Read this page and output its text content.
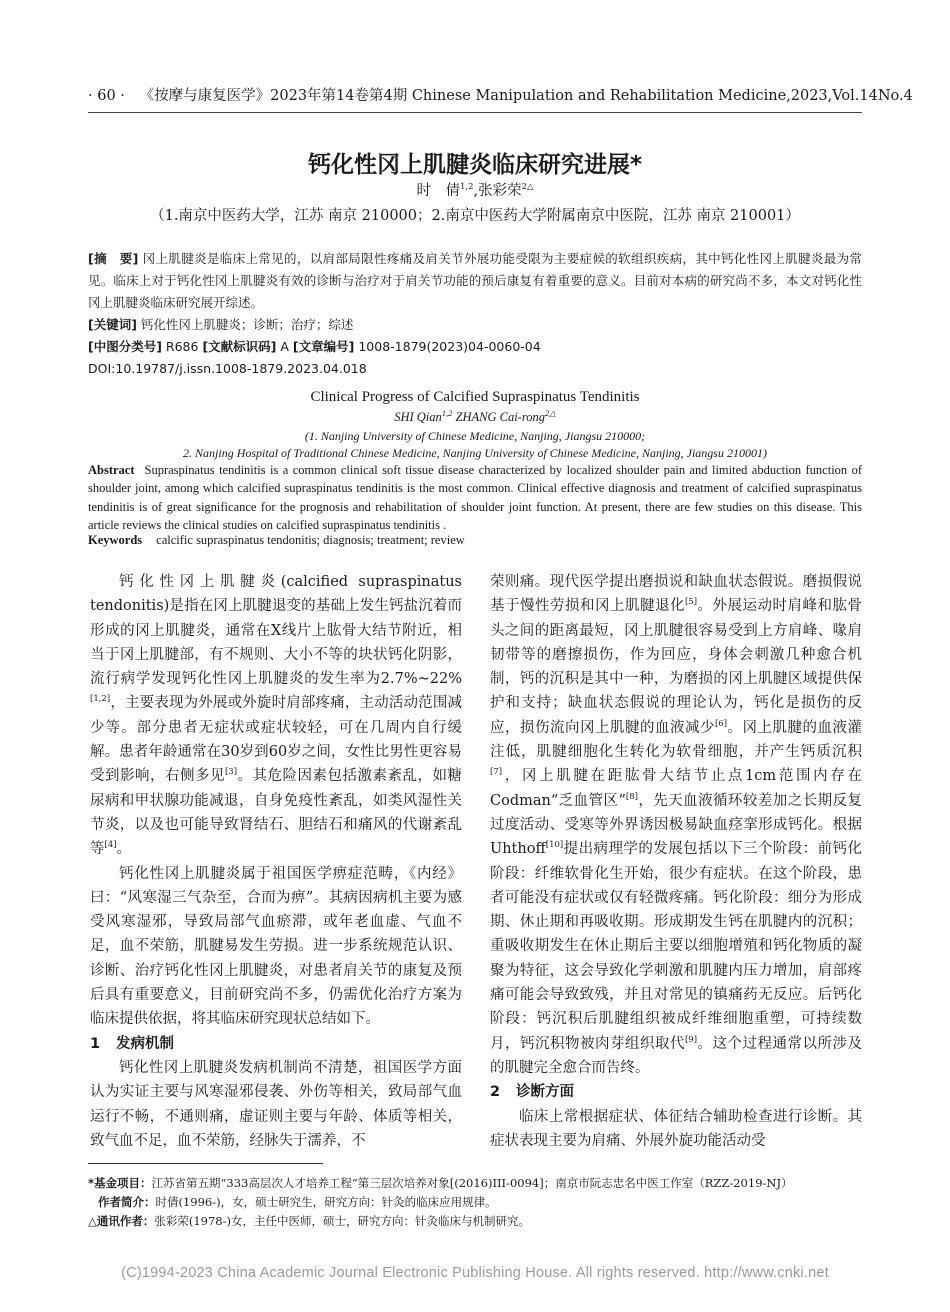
· 60 · 《按摩与康复医学》2023年第14卷第4期 Chinese Manipulation and Rehabilitation Medicine,2023,Vol.14No.4
钙化性冈上肌腱炎临床研究进展*
时　倩$^{1,2}$,张彩荣$^{2\triangle}$
（1.南京中医药大学，江苏 南京 210000；2.南京中医药大学附属南京中医院，江苏 南京 210001）

[摘　要] 冈上肌腱炎是临床上常见的，以肩部局限性疼痛及肩关节外展功能受限为主要症候的软组织疾病，其中钙化性冈上肌腱炎最为常见。临床上对于钙化性冈上肌腱炎有效的诊断与治疗对于肩关节功能的预后康复有着重要的意义。目前对本病的研究尚不多，本文对钙化性冈上肌腱炎临床研究展开综述。

[关键词] 钙化性冈上肌腱炎；诊断；治疗；综述

[中图分类号] R686 [文献标识码] A [文章编号] 1008-1879(2023)04-0060-04

DOI:10.19787/j.issn.1008-1879.2023.04.018

Clinical Progress of Calcified Supraspinatus Tendinitis
SHI Qian$^{1,2}$ ZHANG Cai-rong$^{2\triangle}$
(1. Nanjing University of Chinese Medicine, Nanjing, Jiangsu 210000;
2. Nanjing Hospital of Traditional Chinese Medicine, Nanjing University of Chinese Medicine, Nanjing, Jiangsu 210001)
Abstract Supraspinatus tendinitis is a common clinical soft tissue disease characterized by localized shoulder pain and limited abduction function of shoulder joint, among which calcified supraspinatus tendinitis is the most common. Clinical effective diagnosis and treatment of calcified supraspinatus tendinitis is of great significance for the prognosis and rehabilitation of shoulder joint function. At present, there are few studies on this disease. This article reviews the clinical studies on calcified supraspinatus tendinitis .
Keywords calcific supraspinatus tendonitis; diagnosis; treatment; review

钙化性冈上肌腱炎(calcified supraspinatus tendonitis)是指在冈上肌腱退变的基础上发生钙盐沉着而形成的冈上肌腱炎，通常在X线片上肱骨大结节附近，相当于冈上肌腱部，有不规则、大小不等的块状钙化阴影，流行病学发现钙化性冈上肌腱炎的发生率为2.7%~22%[1,2]，主要表现为外展或外旋时肩部疼痛，主动活动范围减少等。部分患者无症状或症状较轻，可在几周内自行缓解。患者年龄通常在30岁到60岁之间，女性比男性更容易受到影响，右侧多见[3]。其危险因素包括激素紊乱，如糖尿病和甲状腺功能减退，自身免疫性紊乱，如类风湿性关节炎，以及也可能导致肾结石、胆结石和痛风的代谢紊乱等[4]。

钙化性冈上肌腱炎属于祖国医学痹症范畴，《内经》曰：“风寒湿三气杂至，合而为痹”。其病因病机主要为感受风寒湿邪，导致局部气血瘀滞，或年老血虚、气血不足，血不荣筋，肌腱易发生劳损。进一步系统规范认识、诊断、治疗钙化性冈上肌腱炎，对患者肩关节的康复及预后具有重要意义，目前研究尚不多，仍需优化治疗方案为临床提供依据，将其临床研究现状总结如下。

1 发病机制

钙化性冈上肌腱炎发病机制尚不清楚，祖国医学方面认为实证主要与风寒湿邪侵袭、外伤等相关，致局部气血运行不畅，不通则痛，虚证则主要与年龄、体质等相关，致气血不足，血不荣筋，经脉失于濡养，不

荣则痛。现代医学提出磨损说和缺血状态假说。磨损假说基于慢性劳损和冈上肌腱退化[5]。外展运动时肩峰和肱骨头之间的距离最短，冈上肌腱很容易受到上方肩峰、喙肩韧带等的磨擦损伤，作为回应，身体会刺激几种愈合机制，钙的沉积是其中一种，为磨损的冈上肌腱区域提供保护和支持；缺血状态假说的理论认为，钙化是损伤的反应，损伤流向冈上肌腱的血液减少[6]。冈上肌腱的血液灌注低，肌腱细胞化生转化为软骨细胞，并产生钙质沉积[7]，冈上肌腱在距肱骨大结节止点1cm范围内存在Codman“乏血管区”[8]，先天血液循环较差加之长期反复过度活动、受寒等外界诱因极易缺血痉挛形成钙化。根据Uhthoff[10]提出病理学的发展包括以下三个阶段：前钙化阶段：纤维软骨化生开始，很少有症状。在这个阶段，患者可能没有症状或仅有轻微疼痛。钙化阶段：细分为形成期、休止期和再吸收期。形成期发生钙在肌腱内的沉积；重吸收期发生在休止期后主要以细胞增殖和钙化物质的凝聚为特征，这会导致化学刺激和肌腱内压力增加，肩部疼痛可能会导致致残，并且对常见的镇痛药无反应。后钙化阶段：钙沉积后肌腱组织被成纤维细胞重塑，可持续数月，钙沉积物被肉芽组织取代[9]。这个过程通常以所涉及的肌腱完全愈合而告终。

2 诊断方面

临床上常根据症状、体征结合辅助检查进行诊断。其症状表现主要为肩痛、外展外旋功能活动受

*基金项目：江苏省第五期“333高层次人才培养工程”第三层次培养对象[(2016)III-0094]；南京市阮志忠名中医工作室（RZZ-2019-NJ）
作者简介：时倩(1996-)，女，硕士研究生，研究方向：针灸的临床应用规律。
△通讯作者：张彩荣(1978-)女，主任中医师，硕士，研究方向：针灸临床与机制研究。
(C)1994-2023 China Academic Journal Electronic Publishing House. All rights reserved. http://www.cnki.net
